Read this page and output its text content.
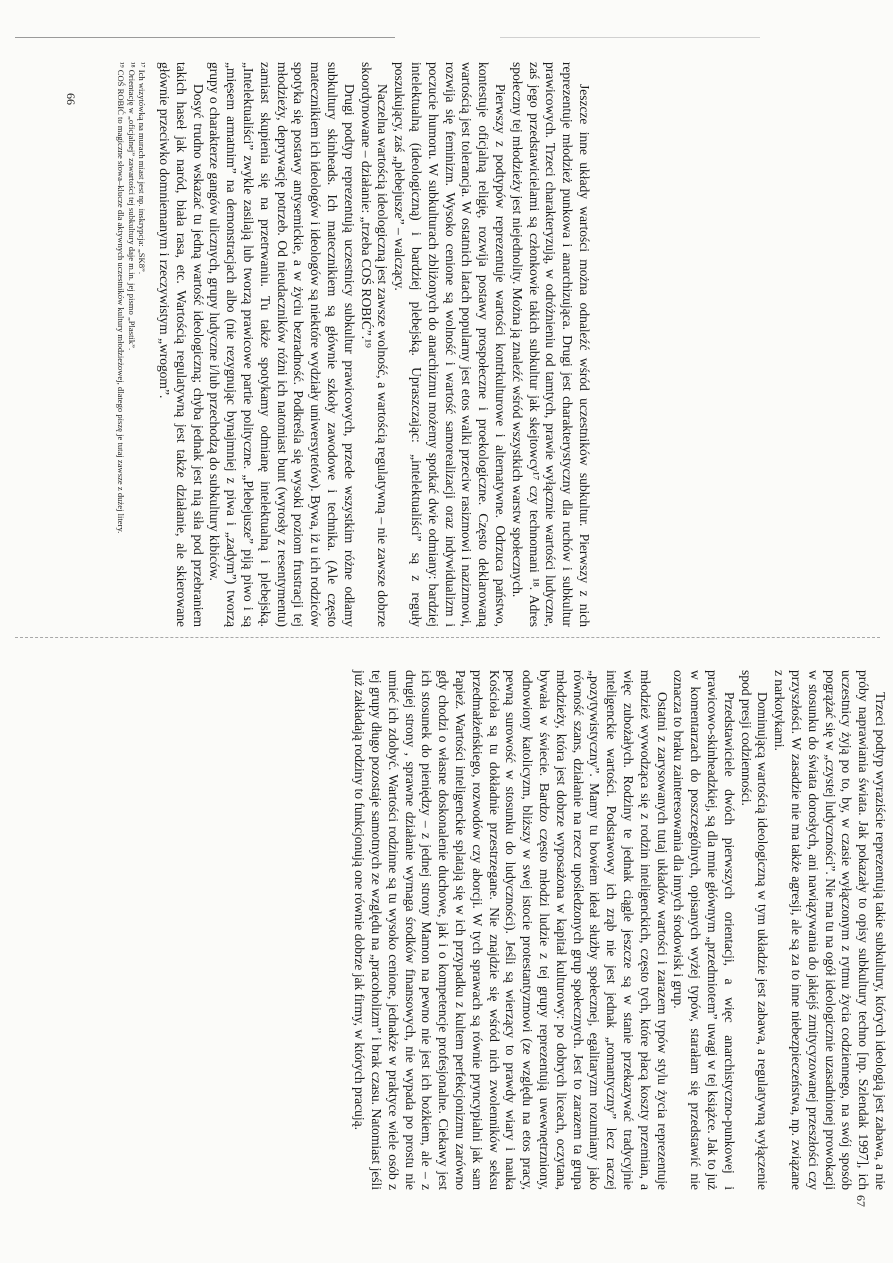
Jeszcze inne układy wartości można odnaleźć wśród uczestników subkultur. Pierwszy z nich reprezentuje młodzież punkowa i anarchizująca. Drugi jest charakterystyczny dla ruchów i subkultur prawicowych. Trzeci charakteryzują, w odróżnieniu od tamtych, prawie wyłącznie wartości ludyczne, zaś jego przedstawicielami są członkowie takich subkultur jak skejtowcy¹⁷ czy technomani ¹⁸. Adres społeczny tej młodzieży jest niejednolity. Można ją znaleźć wśród wszystkich warstw społecznych.

Pierwszy z podtypów reprezentuje wartości kontrkulturowe i alternatywne. Odrzuca państwo, kontestuje oficjalną religię, rozwija postawy prospołeczne i proekologiczne. Często deklarowaną wartością jest tolerancja. W ostatnich latach popularny jest etos walki przeciw rasizmowi i nazizmowi, rozwija się feminizm. Wysoko cenione są wolność i wartość samorealizacji oraz indywidualizm i poczucie humoru. W subkulturach zbliżonych do anarchizmu możemy spotkać dwie odmiany: bardziej intelektualną (ideologiczną) i bardziej plebejską. Upraszczając: „intelektualiści” są z reguły poszukujący, zaś „plebejusze” – walczący.

Naczelna wartością ideologiczną jest zawsze wolność, a wartością regulatywną – nie zawsze dobrze skoordynowane – działanie: „trzeba COŚ ROBIĆ”.¹⁹

Drugi podtyp reprezentują uczestnicy subkultur prawicowych, przede wszystkim różne odłamy subkultury skinheads. Ich matecznikiem są głównie szkoły zawodowe i technika. (Ale często matecznikiem ich ideologów i ideologów są niektóre wydziały uniwersytetów). Bywa, iż u ich rodziców spotyka się postawy antysemickie, a w życiu bezradność. Podkreśla się wysoki poziom frustracji tej młodzieży, deprywację potrzeb. Od nieudaczników różni ich natomiast bunt (wyrosły z resentymentu) zamiast skupienia się na przetrwaniu. Tu także spotykamy odmianę intelektualną i plebejską. „Intelektualiści” zwykle zasilają lub tworzą prawicowe partie polityczne. „Plebejusze” piją piwo i są „mięsem armatnim” na demonstracjach albo (nie rezygnując bynajmniej z piwa i „zadym”) tworzą grupy o charakterze gangów ulicznych, grupy ludyczne i/lub przechodzą do subkultury kibiców.

Dosyć trudno wskazać tu jedną wartość ideologiczną; chyba jednak jest nią siła pod przebraniem takich haseł jak naród, biała rasa, etc. Wartością regulatywną jest także działanie, ale skierowane głównie przeciwko domniemanym i rzeczywistym „wrogom”.

¹⁷ Ich wizytówką na murach miast jest np. inskrypcja: „SK8”.
¹⁸ Orientację w „oficjalnej” zawartości tej subkultury daje m.in. jej pismo „Plastik”.
¹⁹ COŚ ROBIĆ to magiczne słowa–klucze dla aktywnych uczestników kultury młodzieżowej, dlatego piszę je tutaj zawsze z dużej litery.
66

Trzeci podtyp wyraziście reprezentują takie subkultury, których ideologią jest zabawa, a nie próby naprawiania świata. Jak pokazały to opisy subkultury techno [np. Szlendak 1997], ich uczestnicy żyją po to, by, w czasie wyłączonym z rytmu życia codziennego, na swój sposób pogrążać się w „czystej ludyczności”. Nie ma tu na ogół ideologicznie uzasadnionej prowokacji w stosunku do świata dorosłych, ani nawiązywania do jakiejś zmitycyzowanej przeszłości czy przyszłości. W zasadzie nie ma także agresji, ale są za to inne niebezpieczeństwa, np. związane z narkotykami.

Dominującą wartością ideologiczną w tym układzie jest zabawa, a regulatywną wyłączenie spod presji codzienności.

Przedstawiciele dwóch pierwszych orientacji, a więc anarchistyczno-punkowej i prawicowo-skinheadzkiej, są dla mnie głównym „przedmiotem” uwagi w tej książce. Jak to już w komentarzach do poszczególnych, opisanych wyżej typów, starałam się przedstawić nie oznacza to braku zainteresowania dla innych środowisk i grup.

Ostatni z zarysowanych tutaj układów wartości i zarazem typów stylu życia reprezentuje młodzież wywodząca się z rodzin inteligenckich, często tych, które płacą koszty przemian, a więc zubożałych. Rodziny te jednak ciągle jeszcze są w stanie przekazywać tradycyjnie inteligenckie wartości. Podstawowy ich zrąb nie jest jednak „romantyczny” lecz raczej „pozytywistyczny”. Mamy tu bowiem ideał służby społecznej, egalitaryzm rozumiany jako równość szans, działanie na rzecz upośledzonych grup społecznych. Jest to zarazem ta grupa młodzieży, która jest dobrze wyposażona w kapitał kulturowy: po dobrych liceach, oczytana, bywała w świecie. Bardzo często młodzi ludzie z tej grupy reprezentują uwewnętrzniony, odnowiony katolicyzm, bliższy w swej istocie protestantyzmowi (ze względu na etos pracy, pewną surowość w stosunku do ludyczności). Jeśli są wierzący to prawdy wiary i nauka Kościoła są tu dokładnie przestrzegane. Nie znajdzie się wśród nich zwolenników seksu przedmałżeńskiego, rozwodów czy aborcji. W tych sprawach są równie pryncypialni jak sam Papież. Wartości inteligenckie splatają się w ich przypadku z kultem perfekcjonizmu zarówno gdy chodzi o własne doskonalenie duchowe, jak i o kompetencje profesjonalne. Ciekawy jest ich stosunek do pieniędzy – z jednej strony Mamon na pewno nie jest ich bożkiem, ale – z drugiej strony , sprawne działanie wymaga środków finansowych, nie wypada po prostu nie umieć ich zdobyć. Wartości rodzinne są tu wysoko cenione, jednakże w praktyce wiele osób z tej grupy długo pozostaje samotnych ze względu na „pracoholizm” i brak czasu. Natomiast jeśli już zakładają rodziny to funkcjonują one równie dobrze jak firmy, w których pracują.

67
